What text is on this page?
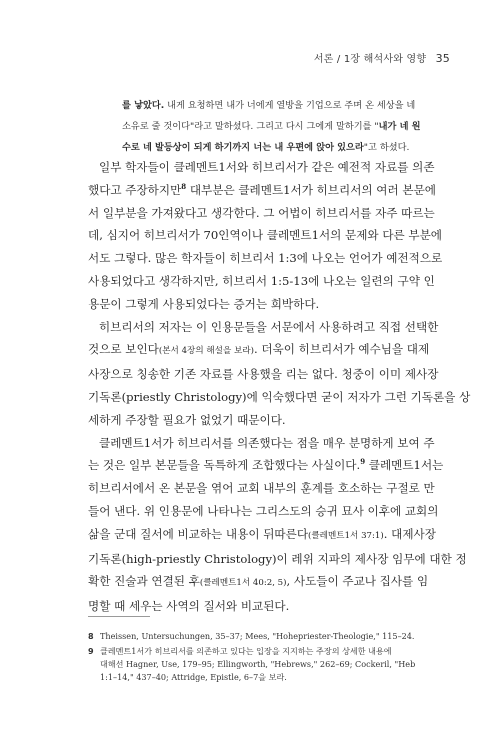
서론 / 1장 해석사와 영향 35

를 낳았다. 내게 요청하면 내가 너에게 열방을 기업으로 주며 온 세상을 네

소유로 줄 것이다"라고 말하셨다. 그리고 다시 그에게 말하기를 "내가 네 원

수로 네 발등상이 되게 하기까지 너는 내 우편에 앉아 있으라"고 하셨다.

일부 학자들이 클레멘트1서와 히브리서가 같은 예전적 자료를 의존
했다고 주장하지만$^8$ 대부분은 클레멘트1서가 히브리서의 여러 본문에
서 일부분을 가져왔다고 생각한다. 그 어법이 히브리서를 자주 따르는
데, 심지어 히브리서가 70인역이나 클레멘트1서의 문제와 다른 부분에
서도 그렇다. 많은 학자들이 히브리서 1:3에 나오는 언어가 예전적으로
사용되었다고 생각하지만, 히브리서 1:5-13에 나오는 일련의 구약 인
용문이 그렇게 사용되었다는 증거는 희박하다.
히브리서의 저자는 이 인용문들을 서문에서 사용하려고 직접 선택한
것으로 보인다(본서 4장의 해설을 보라). 더욱이 히브리서가 예수님을 대제
사장으로 칭송한 기존 자료를 사용했을 리는 없다. 청중이 이미 제사장
기독론(priestly Christology)에 익숙했다면 굳이 저자가 그런 기독론을 상
세하게 주장할 필요가 없었기 때문이다.
클레멘트1서가 히브리서를 의존했다는 점을 매우 분명하게 보여 주
는 것은 일부 본문들을 독특하게 조합했다는 사실이다.$^9$ 클레멘트1서는
히브리서에서 온 본문을 엮어 교회 내부의 훈계를 호소하는 구절로 만
들어 낸다. 위 인용문에 나타나는 그리스도의 승귀 묘사 이후에 교회의
삶을 군대 질서에 비교하는 내용이 뒤따른다(클레멘트1서 37:1). 대제사장
기독론(high-priestly Christology)이 레위 지파의 제사장 임무에 대한 정
확한 진술과 연결된 후(클레멘트1서 40:2, 5), 사도들이 주교나 집사를 임
명할 때 세우는 사역의 질서와 비교된다.
8 Theissen, Untersuchungen, 35–37; Mees, "Hohepriester-Theologie," 115–24.
9 클레멘트1서가 히브리서를 의존하고 있다는 입장을 지지하는 주장의 상세한 내용에
대해선 Hagner, Use, 179–95; Ellingworth, "Hebrews," 262–69; Cockeril, "Heb
1:1–14," 437–40; Attridge, Epistle, 6–7을 보라.
